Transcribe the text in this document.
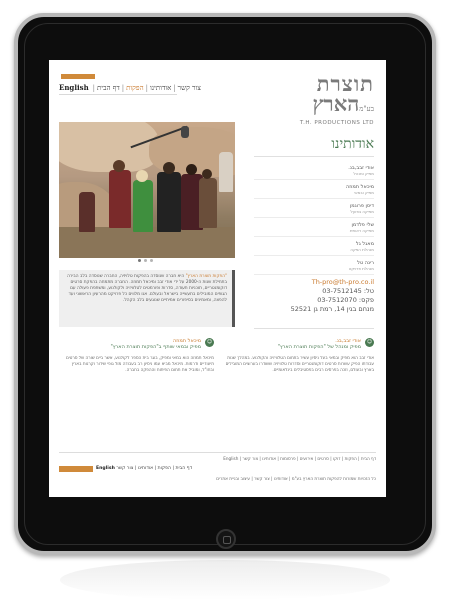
English |	צור קשר|אודותינו|הפקות|דף הבית	תוצרת
בע"מהארץ
T.H. PRODUCTIONS LTD
"הפקות תוצרת הארץ" היא חברה שנוסדה בהפקות טלויזיה, החברה שנוסדה בלב הבירה בתחילת שנות ה-2000 על ידי אודי זבב ומיכאל תמוזה. החברה מתמחה בהפקת סרטים דוקומנטריים, תוכניות תעודה, סדרות ופורמטים לטלוויזיה ולקולנוע, ומשתפת פעולה עם הגופים המובילים בתעשייה בישראל ובעולם. אנו מלווים כל פרויקט מהרעיון הראשוני ועד להפצה, ומאמינים בסיפורים אמיתיים שנוגעים בלב הקהל.
אודותינו
אודי זבב,בנ.
מפיק ומנהל
מיכאל תמוזה
מפיק ובמאי
דיסן פרוגמן
מפיקה בפועל
שלי פלדמן
מפיקה ראשית
מאגל גל
מנהלת הפקה
רינה טל
מנהלת פרויקט
Th-pro@th-pro.co.il
טל: 03-7512145
פקס: 03-7512070
מנחם בגין 14, רמת גן 52521
☺
אודי זבב,בנ.
מפיק ומנהל של "הפקות תוצרת הארץ"
אודי זבב הוא מפיק ובמאי בעל ניסיון עשיר בתחום הטלוויזיה והקולנוע. במהלך שנות עבודתו הפיק עשרות סרטים דוקומנטריים וסדרות טלוויזיה ששודרו בערוצים המובילים בארץ ובעולם, וזכה בפרסים רבים בפסטיבלים בינלאומיים.
☺
מיכאל תמוזה
מפיק ובמאי שותף ב"הפקות תוצרת הארץ"
מיכאל תמוזה הוא במאי ומפיק, בוגר בית הספר לקולנוע, אשר ביים שורה של סרטים תיעודיים ודרמות. מיכאל מביא עמו ניסיון רב בעבודה מול גופי שידור וקרנות בארץ ובחו"ל, ומוביל את תחום הפיתוח וההפקה בחברה.
דף הבית | הפקות | דוקו | סרטים | אירועים | פרסומות | אודותינו | צור קשר | English
English דף הבית | הפקות | אודותינו | צור קשר
כל הזכויות שמורות להפקות תוצרת הארץ בע"מ | אודותינו | צור קשר | עיצוב ובניית אתרים
